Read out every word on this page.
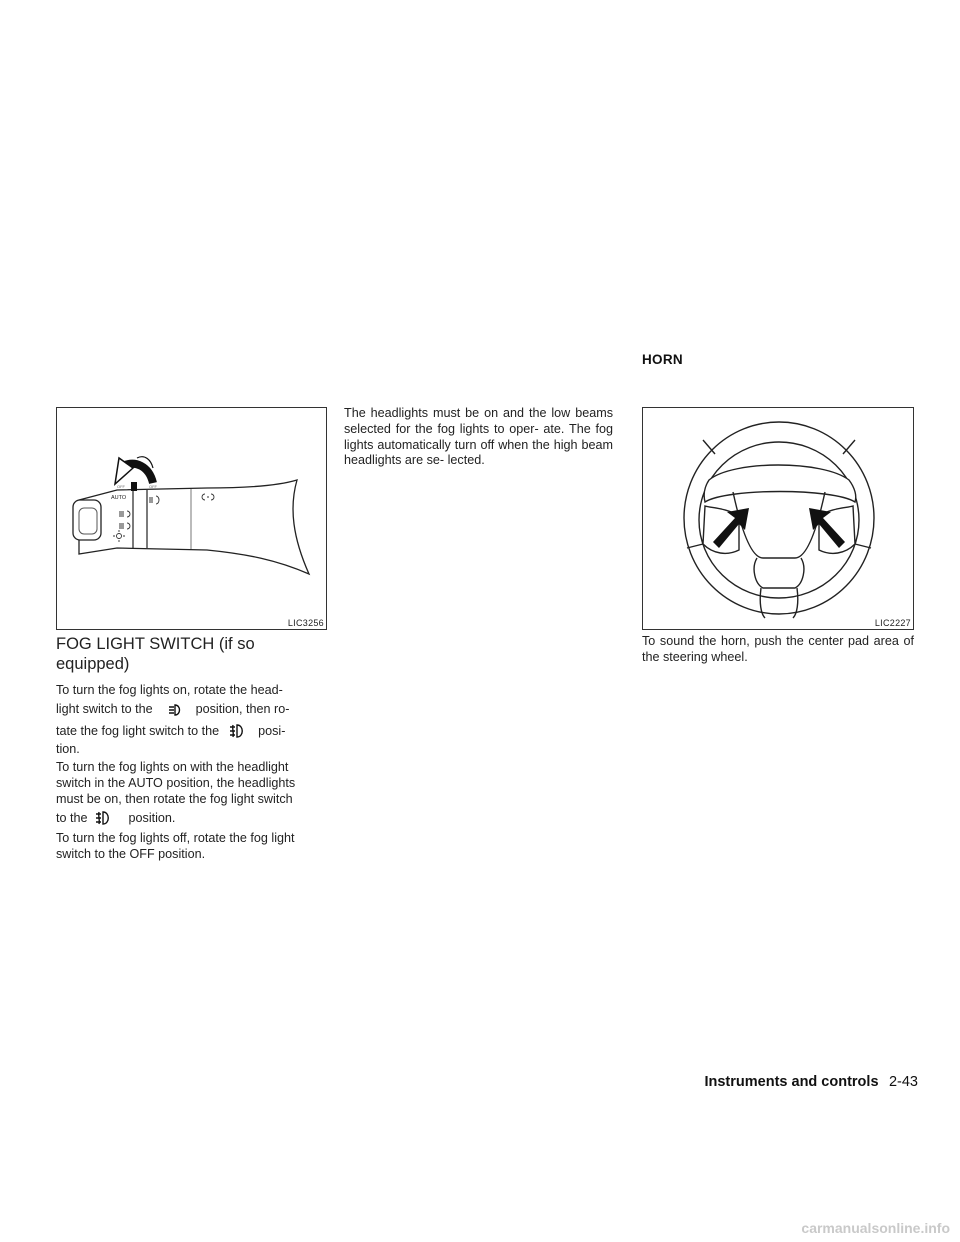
AUTO
OFF	OFF
LIC3256
FOG LIGHT SWITCH (if so
equipped)

To turn the fog lights on, rotate the head-

light switch to the	position, then ro-

tate the fog light switch to the	posi-

tion.

To turn the fog lights on with the headlight

switch in the AUTO position, the headlights

must be on, then rotate the fog light switch

to the	position.

To turn the fog lights off, rotate the fog light switch to the OFF position.

The headlights must be on and the low beams selected for the fog lights to oper- ate. The fog lights automatically turn off when the high beam headlights are se- lected.

HORN
LIC2227

To sound the horn, push the center pad area of the steering wheel.

Instruments and controls 2-43
carmanualsonline.info
